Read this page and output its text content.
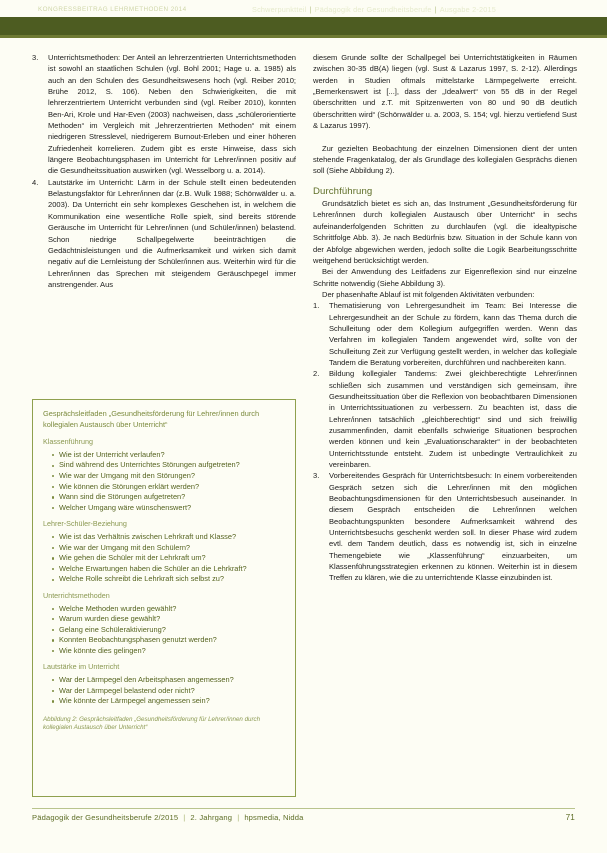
KONGRESSBEITRAG LEHRMETHODEN 2014	Schwerpunktteil | Pädagogik der Gesundheitsberufe | Ausgabe 2-2015
3.	Unterrichtsmethoden: Der Anteil an lehrerzentrierten Unterrichtsmethoden ist sowohl an staatlichen Schulen (vgl. Bohl 2001; Hage u. a. 1985) als auch an den Schulen des Gesundheitswesens hoch (vgl. Reiber 2010; Brühe 2012, S. 106). Neben den Schwierigkeiten, die mit lehrerzentriertem Unterricht verbunden sind (vgl. Reiber 2010), konnten Ben-Ari, Krole und Har-Even (2003) nachweisen, dass „schülerorientierte Methoden“ im Vergleich mit „lehrerzentrierten Methoden“ mit einem niedrigeren Stresslevel, niedrigerem Burnout-Erleben und einer höheren Zufriedenheit korrelieren. Zudem gibt es erste Hinweise, dass sich längere Beobachtungsphasen im Unterricht für Lehrer/innen positiv auf die Gesundheitssituation auswirken (vgl. Wesselborg u. a. 2014).
4.	Lautstärke im Unterricht: Lärm in der Schule stellt einen bedeutenden Belastungsfaktor für Lehrer/innen dar (z.B. Wulk 1988; Schönwälder u. a. 2003). Da Unterricht ein sehr komplexes Geschehen ist, in welchem die Kommunikation eine wesentliche Rolle spielt, sind bereits störende Geräusche im Unterricht für Lehrer/innen (und Schüler/innen) belastend. Schon niedrige Schallpegelwerte beeinträchtigen die Gedächtnisleistungen und die Aufmerksamkeit und wirken sich damit negativ auf die Lernleistung der Schüler/innen aus. Weiterhin wird für die Lehrer/innen das Sprechen mit steigendem Geräuschpegel immer anstrengender. Aus

diesem Grunde sollte der Schallpegel bei Unterrichtstätigkeiten in Räumen zwischen 30-35 dB(A) liegen (vgl. Sust & Lazarus 1997, S. 2-12). Allerdings werden in Studien oftmals mittelstarke Lärmpegelwerte erreicht. „Bemerkenswert ist [...], dass der „Idealwert“ von 55 dB in der Regel überschritten und z.T. mit Spitzenwerten von 80 und 90 dB deutlich überschritten wird“ (Schönwälder u. a. 2003, S. 154; vgl. hierzu vertiefend Sust & Lazarus 1997).

Zur gezielten Beobachtung der einzelnen Dimensionen dient der unten stehende Fragenkatalog, der als Grundlage des kollegialen Gesprächs dienen soll (Siehe Abbildung 2).

Durchführung

Grundsätzlich bietet es sich an, das Instrument „Gesundheitsförderung für Lehrer/innen durch kollegialen Austausch über Unterricht“ in sechs aufeinanderfolgenden Schritten zu durchlaufen (vgl. die idealtypische Schrittfolge Abb. 3). Je nach Bedürfnis bzw. Situation in der Schule kann von der Abfolge abgewichen werden, jedoch sollte die Logik Bearbeitungsschritte weitgehend berücksichtigt werden.

Bei der Anwendung des Leitfadens zur Eigenreflexion sind nur einzelne Schritte notwendig (Siehe Abbildung 3).

Der phasenhafte Ablauf ist mit folgenden Aktivitäten verbunden:

1.	Thematisierung von Lehrergesundheit im Team: Bei Interesse die Lehrergesundheit an der Schule zu fördern, kann das Thema durch die Schulleitung oder dem Kollegium aufgegriffen werden. Wenn das Verfahren im kollegialen Tandem angewendet wird, sollte von der Schulleitung Zeit zur Verfügung gestellt werden, in welcher das kollegiale Tandem die Beratung vorbereiten, durchführen und nachbereiten kann.
2.	Bildung kollegialer Tandems: Zwei gleichberechtigte Lehrer/innen schließen sich zusammen und verständigen sich gemeinsam, ihre Gesundheitssituation über die Reflexion von beobachtbaren Dimensionen in Unterrichtssituationen zu verbessern. Zu beachten ist, dass die Lehrer/innen tatsächlich „gleichberechtigt“ sind und sich freiwillig zusammenfinden, damit ebenfalls schwierige Situationen besprochen werden können und kein „Evaluationscharakter“ in der beobachteten Unterrichtsstunde entsteht. Zudem ist unbedingte Vertraulichkeit zu vereinbaren.
3.	Vorbereitendes Gespräch für Unterrichtsbesuch: In einem vorbereitenden Gespräch setzen sich die Lehrer/innen mit den möglichen Beobachtungsdimensionen für den Unterrichtsbesuch auseinander. In diesem Gespräch entscheiden die Lehrer/innen welchen Beobachtungspunkten besondere Aufmerksamkeit während des Unterrichtsbesuchs geschenkt werden soll. In dieser Phase wird zudem evtl. dem Tandem deutlich, dass es notwendig ist, sich in einzelne Themengebiete wie „Klassenführung“ einzuarbeiten, um Klassenführungsstrategien erkennen zu können. Weiterhin ist in diesem Treffen zu klären, wie die zu unterrichtende Klasse einzubinden ist.
Gesprächsleitfaden „Gesundheitsförderung für Lehrer/innen durch kollegialen Austausch über Unterricht“
Klassenführung
Wie ist der Unterricht verlaufen?
Sind während des Unterrichtes Störungen aufgetreten?
Wie war der Umgang mit den Störungen?
Wie können die Störungen erklärt werden?
Wann sind die Störungen aufgetreten?
Welcher Umgang wäre wünschenswert?
Lehrer-Schüler-Beziehung
Wie ist das Verhältnis zwischen Lehrkraft und Klasse?
Wie war der Umgang mit den Schülern?
Wie gehen die Schüler mit der Lehrkraft um?
Welche Erwartungen haben die Schüler an die Lehrkraft?
Welche Rolle schreibt die Lehrkraft sich selbst zu?
Unterrichtsmethoden
Welche Methoden wurden gewählt?
Warum wurden diese gewählt?
Gelang eine Schüleraktivierung?
Konnten Beobachtungsphasen genutzt werden?
Wie könnte dies gelingen?
Lautstärke im Unterricht
War der Lärmpegel den Arbeitsphasen angemessen?
War der Lärmpegel belastend oder nicht?
Wie könnte der Lärmpegel angemessen sein?
Abbildung 2: Gesprächsleitfaden „Gesundheitsförderung für Lehrer/innen durch kollegialen Austausch über Unterricht“
Pädagogik der Gesundheitsberufe 2/2015 | 2. Jahrgang | hpsmedia, Nidda	71
